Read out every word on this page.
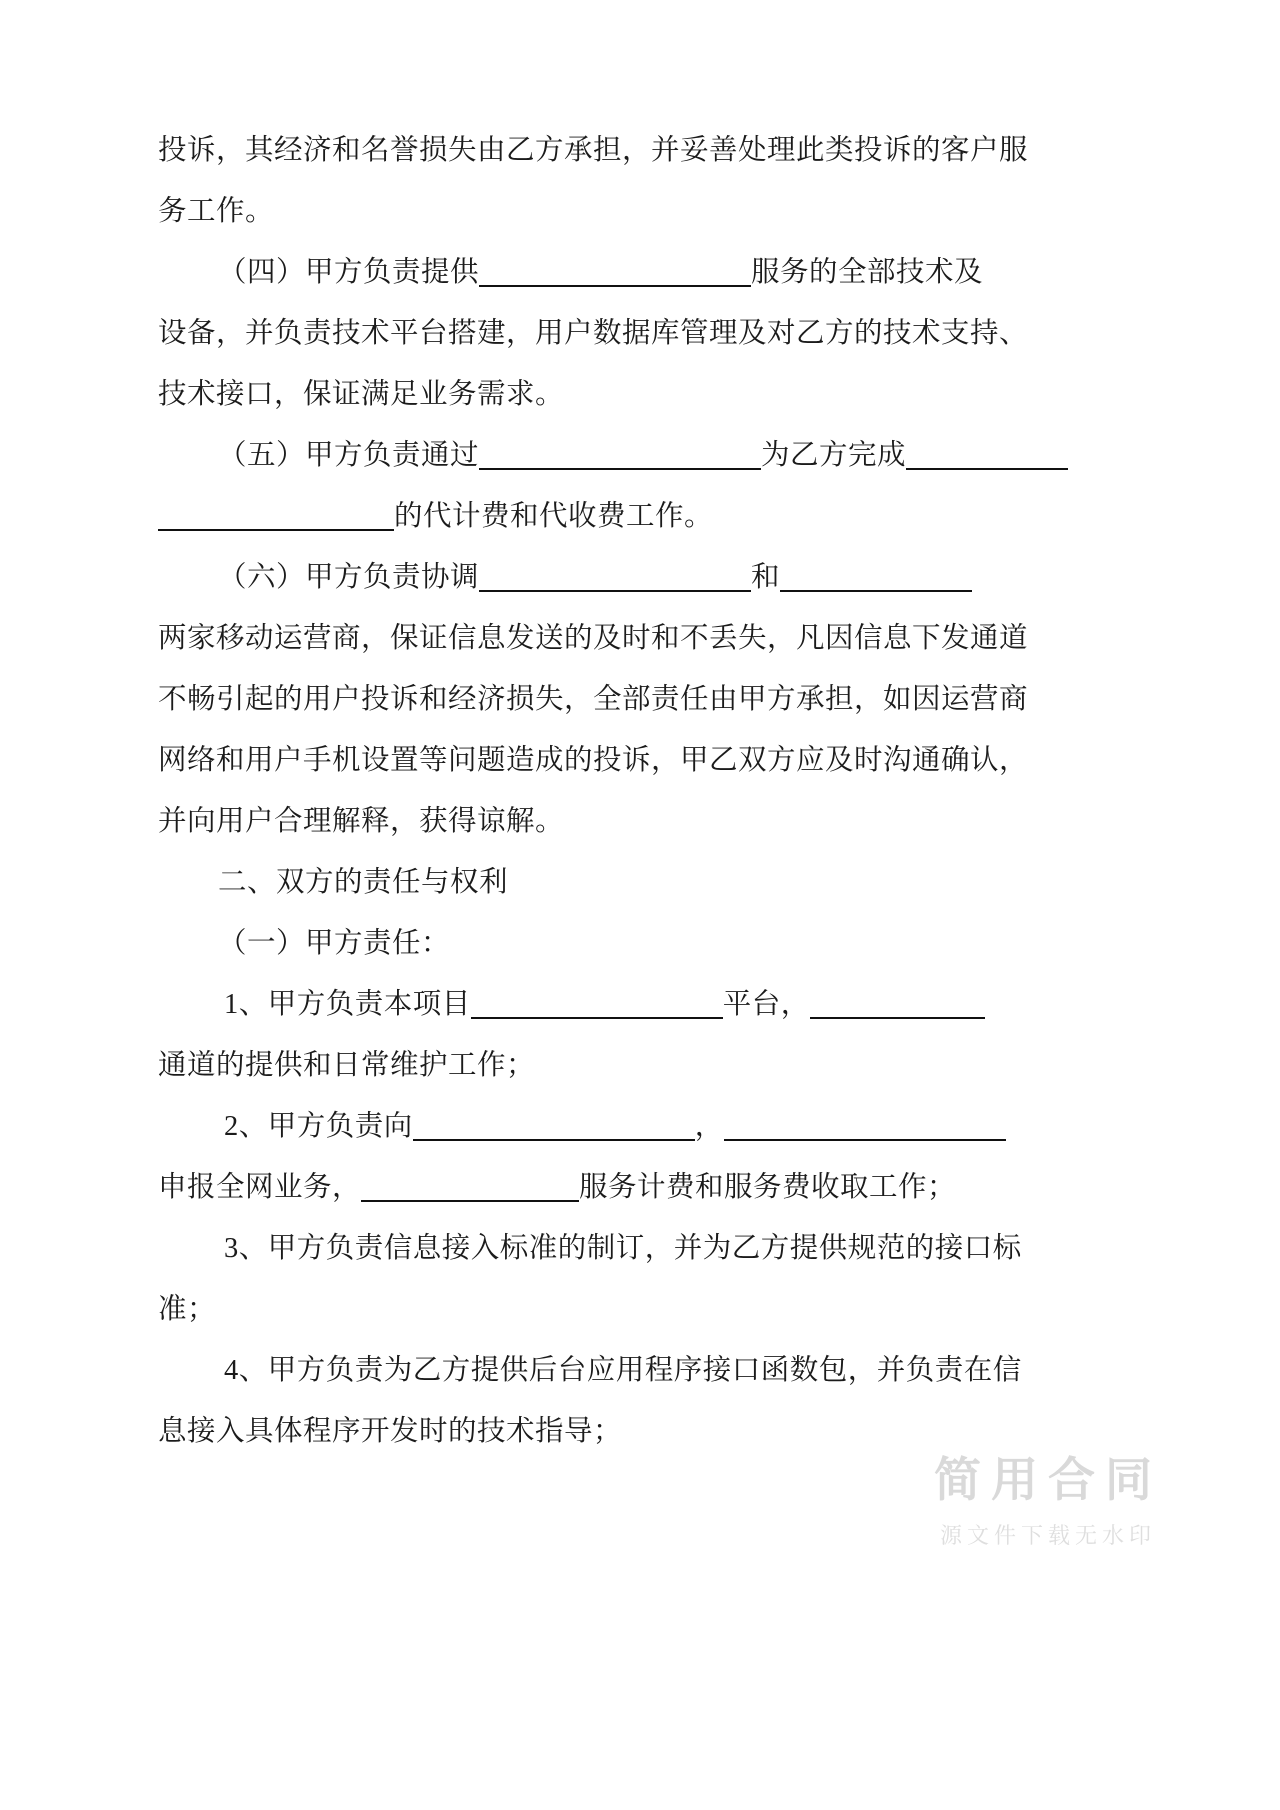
投诉，其经济和名誉损失由乙方承担，并妥善处理此类投诉的客户服
务工作。
（四）甲方负责提供	服务的全部技术及
设备，并负责技术平台搭建，用户数据库管理及对乙方的技术支持、
技术接口，保证满足业务需求。
（五）甲方负责通过	为乙方完成
的代计费和代收费工作。
（六）甲方负责协调	和
两家移动运营商，保证信息发送的及时和不丢失，凡因信息下发通道
不畅引起的用户投诉和经济损失，全部责任由甲方承担，如因运营商
网络和用户手机设置等问题造成的投诉，甲乙双方应及时沟通确认，
并向用户合理解释，获得谅解。
二、双方的责任与权利
（一）甲方责任：
1、甲方负责本项目	平台，
通道的提供和日常维护工作；
2、甲方负责向	，
申报全网业务，	服务计费和服务费收取工作；
3、甲方负责信息接入标准的制订，并为乙方提供规范的接口标
准；
4、甲方负责为乙方提供后台应用程序接口函数包，并负责在信
息接入具体程序开发时的技术指导；
简用合同
源文件下载无水印
